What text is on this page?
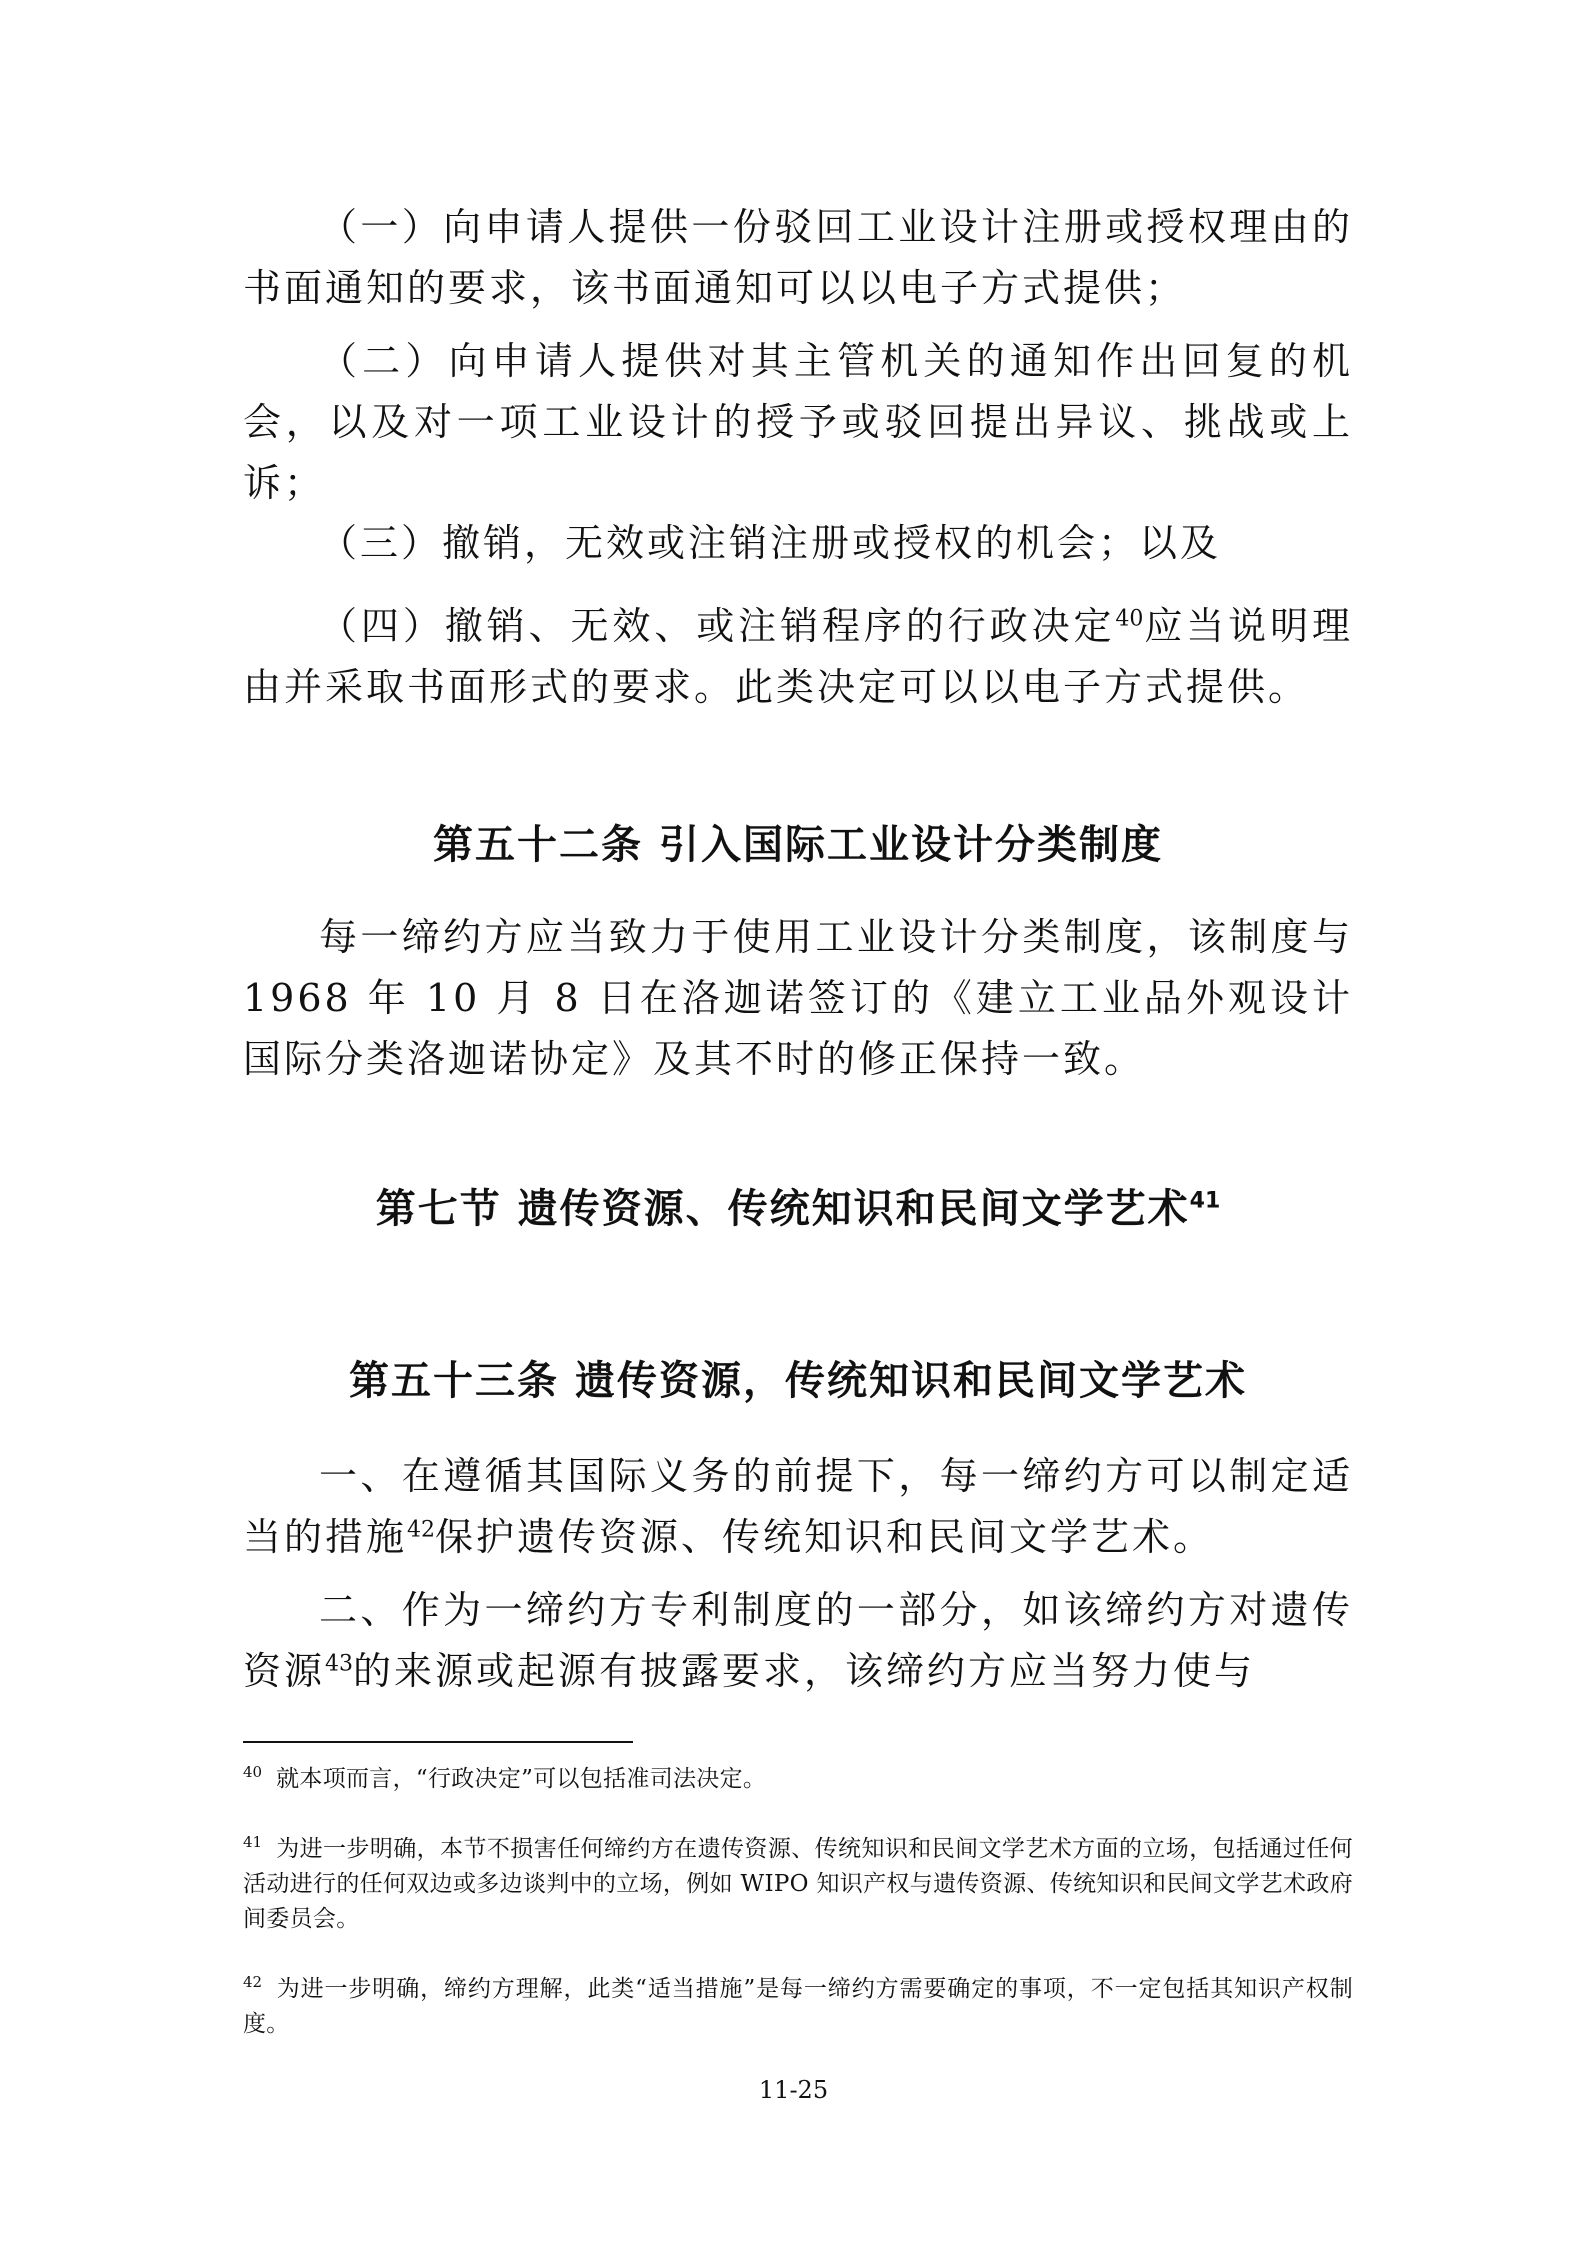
（一）向申请人提供一份驳回工业设计注册或授权理由的书面通知的要求，该书面通知可以以电子方式提供；

（二）向申请人提供对其主管机关的通知作出回复的机会，以及对一项工业设计的授予或驳回提出异议、挑战或上诉；

（三）撤销，无效或注销注册或授权的机会；以及

（四）撤销、无效、或注销程序的行政决定$^{40}$应当说明理由并采取书面形式的要求。此类决定可以以电子方式提供。

第五十二条 引入国际工业设计分类制度

每一缔约方应当致力于使用工业设计分类制度，该制度与 1968 年 10 月 8 日在洛迦诺签订的《建立工业品外观设计国际分类洛迦诺协定》及其不时的修正保持一致。

第七节 遗传资源、传统知识和民间文学艺术$^{41}$
第五十三条 遗传资源，传统知识和民间文学艺术

一、在遵循其国际义务的前提下，每一缔约方可以制定适当的措施$^{42}$保护遗传资源、传统知识和民间文学艺术。

二、作为一缔约方专利制度的一部分，如该缔约方对遗传资源$^{43}$的来源或起源有披露要求，该缔约方应当努力使与

$^{40}$ 就本项而言，“行政决定”可以包括准司法决定。

$^{41}$ 为进一步明确，本节不损害任何缔约方在遗传资源、传统知识和民间文学艺术方面的立场，包括通过任何活动进行的任何双边或多边谈判中的立场，例如 WIPO 知识产权与遗传资源、传统知识和民间文学艺术政府间委员会。

$^{42}$ 为进一步明确，缔约方理解，此类“适当措施”是每一缔约方需要确定的事项，不一定包括其知识产权制度。

11-25
